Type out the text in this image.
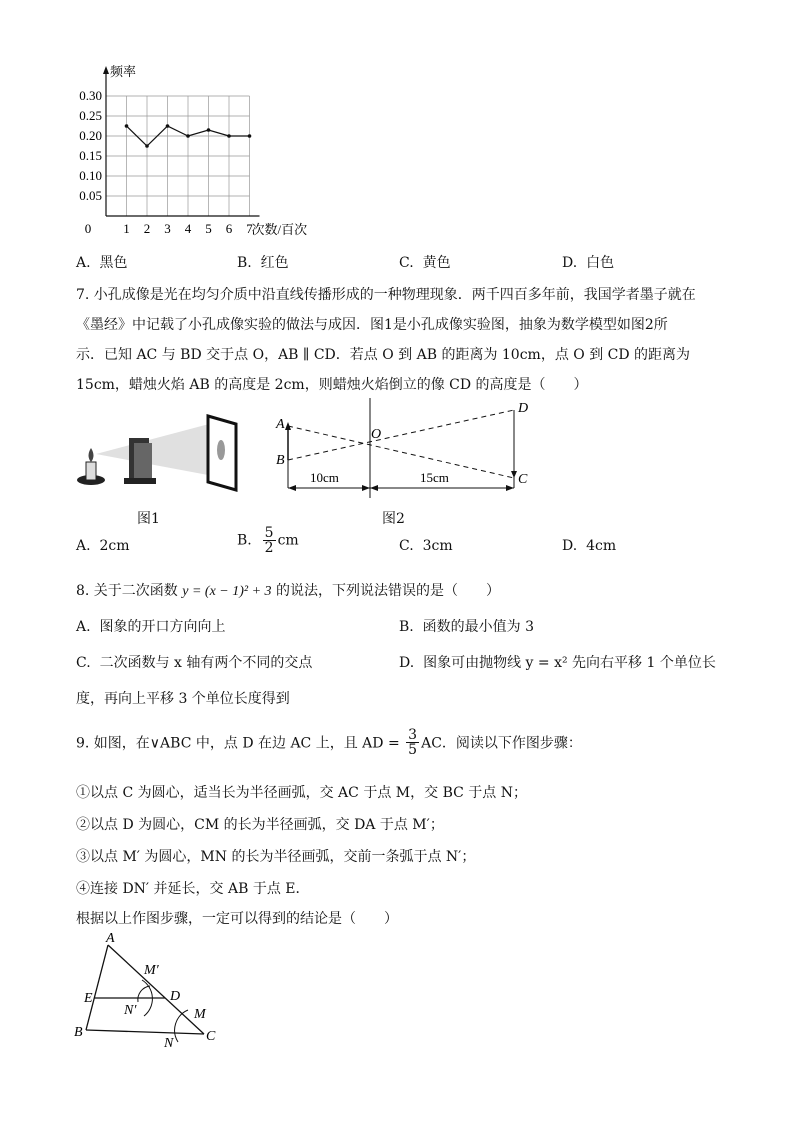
0.30
0.25
0.20
0.15
0.10
0.05
0 1 2 3 4 5 6 7
频率
次数/百次
A. 黑色	B. 红色	C. 黄色	D. 白色
7. 小孔成像是光在均匀介质中沿直线传播形成的一种物理现象．两千四百多年前，我国学者墨子就在
《墨经》中记载了小孔成像实验的做法与成因．图1是小孔成像实验图，抽象为数学模型如图2所
示．已知 AC 与 BD 交于点 O，AB ∥ CD．若点 O 到 AB 的距离为 10cm，点 O 到 CD 的距离为
15cm，蜡烛火焰 AB 的高度是 2cm，则蜡烛火焰倒立的像 CD 的高度是（　　）
图1
A
B
D
C
O
10cm	15cm
图2
A. 2cm	B. $\frac{5}{2}$ cm	C. 3cm	D. 4cm
8. 关于二次函数 y = (x − 1)² + 3 的说法，下列说法错误的是（　　）
A. 图象的开口方向向上	B. 函数的最小值为 3
C. 二次函数与 x 轴有两个不同的交点	D. 图象可由抛物线 y = x² 先向右平移 1 个单位长
度，再向上平移 3 个单位长度得到
9. 如图，在∨ABC 中，点 D 在边 AC 上，且 AD = $\frac{3}{5}$ AC．阅读以下作图步骤：
①以点 C 为圆心，适当长为半径画弧，交 AC 于点 M，交 BC 于点 N；
②以点 D 为圆心，CM 的长为半径画弧，交 DA 于点 M′；
③以点 M′ 为圆心，MN 的长为半径画弧，交前一条弧于点 N′；
④连接 DN′ 并延长，交 AB 于点 E．
根据以上作图步骤，一定可以得到的结论是（　　）
A
E
B	C
D
M′
N′	M
N
